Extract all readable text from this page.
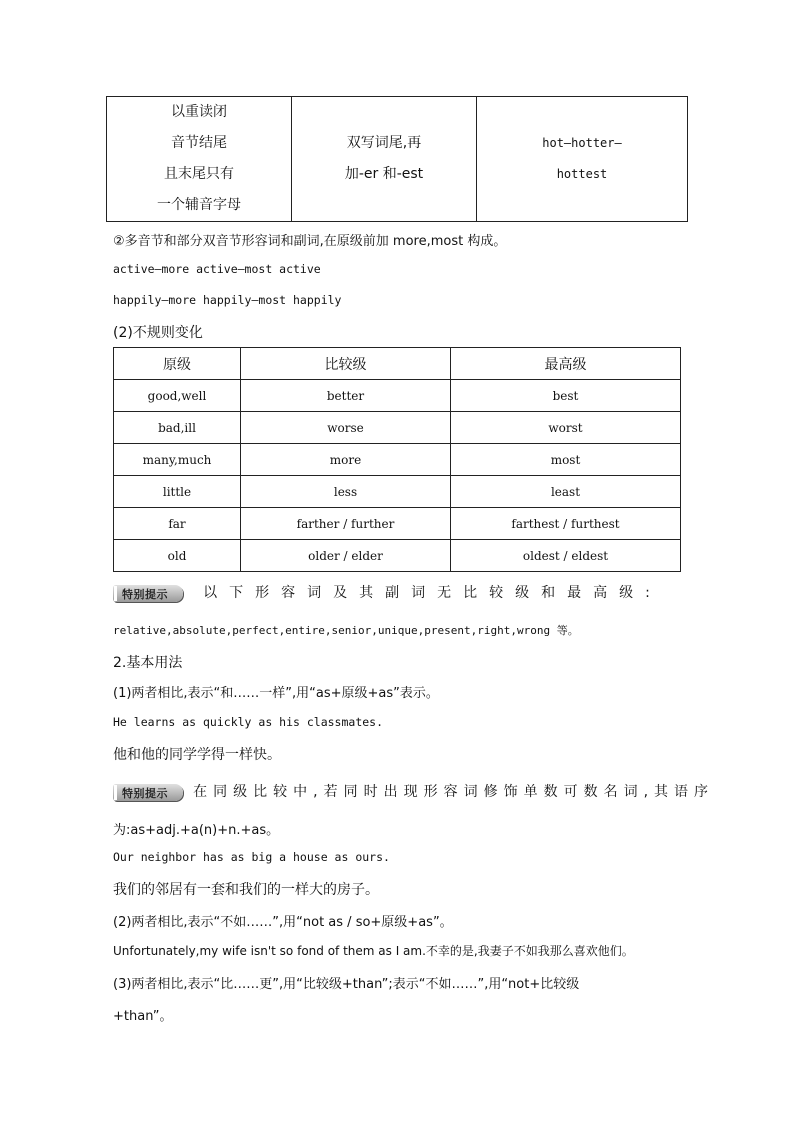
以重读闭
音节结尾
且末尾只有
一个辅音字母

双写词尾,再
加-er 和-est

hot—hotter—
hottest
②多音节和部分双音节形容词和副词,在原级前加 more,most 构成。
active—more active—most active
happily—more happily—most happily
(2)不规则变化
原级	比较级	最高级
good,well	better	best
bad,ill	worse	worst
many,much	more	most
little	less	least
far	farther / further	farthest / furthest
old	older / elder	oldest / eldest
特别提示	以下形容词及其副词无比较级和最高级:
relative,absolute,perfect,entire,senior,unique,present,right,wrong 等。
2.基本用法
(1)两者相比,表示“和……一样”,用“as+原级+as”表示。
He learns as quickly as his classmates.
他和他的同学学得一样快。
特别提示 在同级比较中,若同时出现形容词修饰单数可数名词,其语序
为:as+adj.+a(n)+n.+as。
Our neighbor has as big a house as ours.
我们的邻居有一套和我们的一样大的房子。
(2)两者相比,表示“不如……”,用“not as / so+原级+as”。
Unfortunately,my wife isn't so fond of them as I am.不幸的是,我妻子不如我那么喜欢他们。
(3)两者相比,表示“比……更”,用“比较级+than”;表示“不如……”,用“not+比较级
+than”。
